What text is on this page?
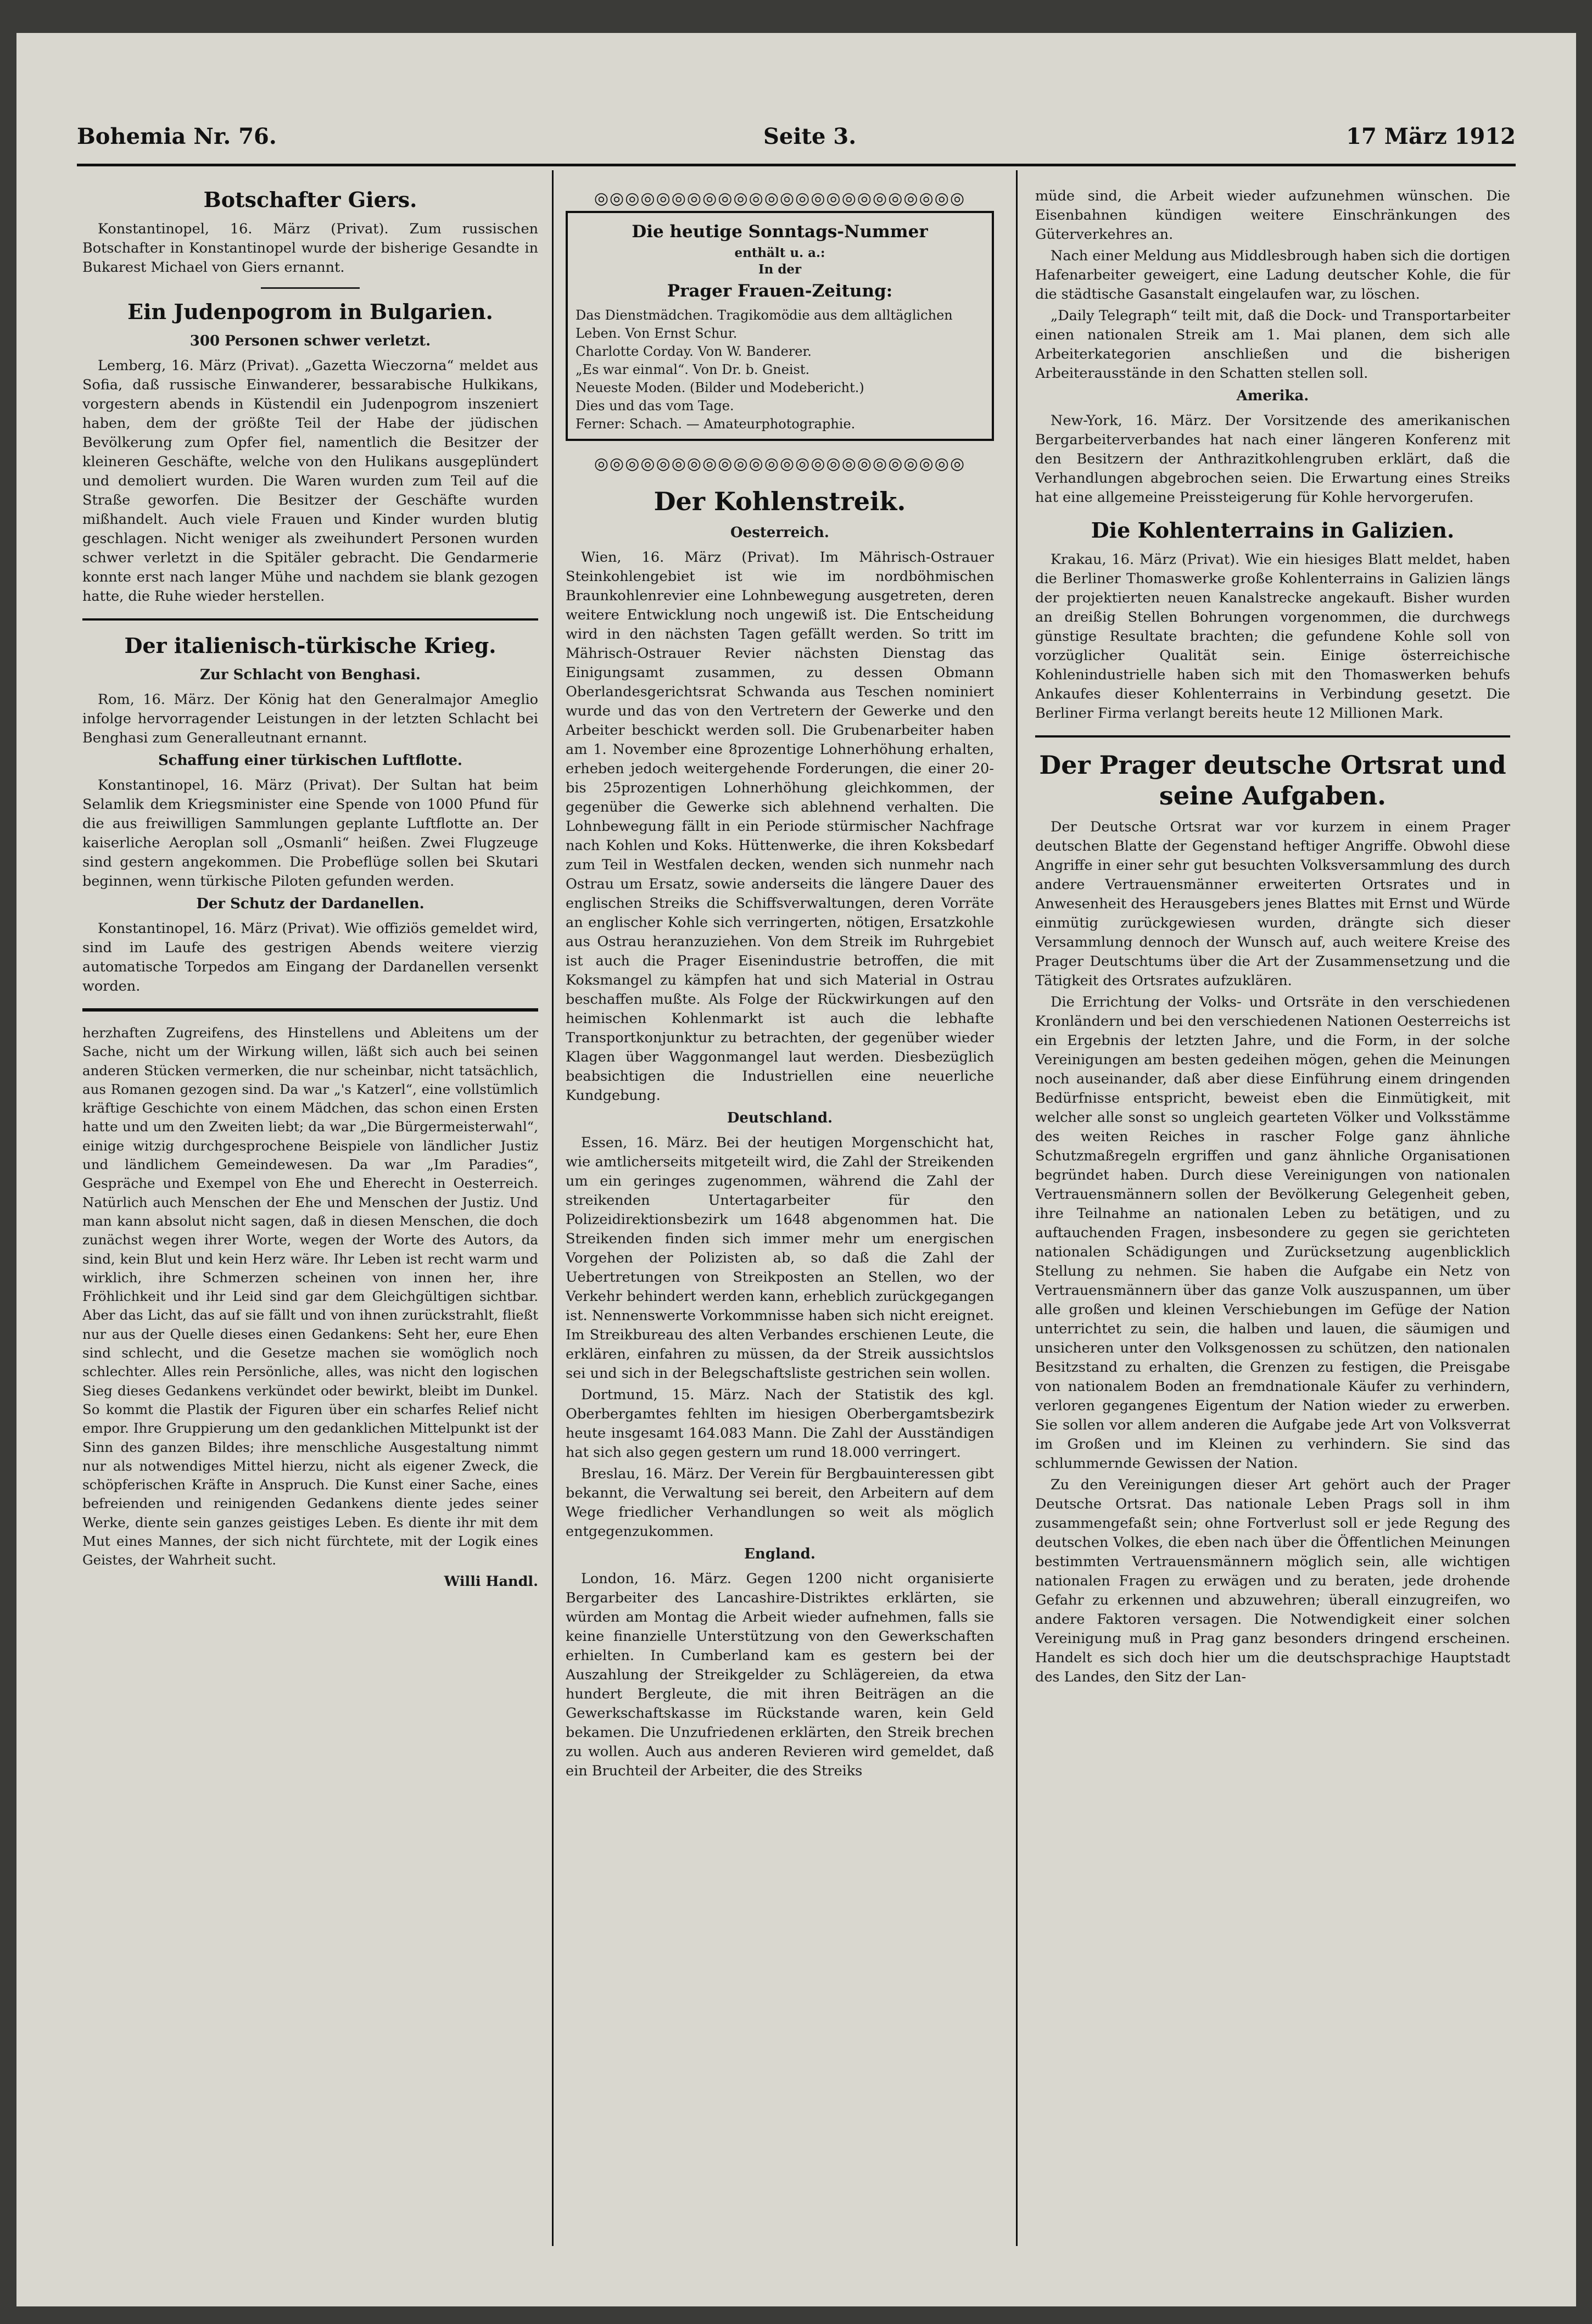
Bohemia Nr. 76.	Seite 3.	17 März 1912
Botschafter Giers.

Konstantinopel, 16. März (Privat). Zum russischen Botschafter in Konstantinopel wurde der bisherige Gesandte in Bukarest Michael von Giers ernannt.

Ein Judenpogrom in Bulgarien.
300 Personen schwer verletzt.

Lemberg, 16. März (Privat). „Gazetta Wieczorna“ meldet aus Sofia, daß russische Einwanderer, bessarabische Hulkikans, vorgestern abends in Küstendil ein Judenpogrom inszeniert haben, dem der größte Teil der Habe der jüdischen Bevölkerung zum Opfer fiel, namentlich die Besitzer der kleineren Geschäfte, welche von den Hulikans ausgeplündert und demoliert wurden. Die Waren wurden zum Teil auf die Straße geworfen. Die Besitzer der Geschäfte wurden mißhandelt. Auch viele Frauen und Kinder wurden blutig geschlagen. Nicht weniger als zweihundert Personen wurden schwer verletzt in die Spitäler gebracht. Die Gendarmerie konnte erst nach langer Mühe und nachdem sie blank gezogen hatte, die Ruhe wieder herstellen.

Der italienisch-türkische Krieg.
Zur Schlacht von Benghasi.

Rom, 16. März. Der König hat den Generalmajor Ameglio infolge hervorragender Leistungen in der letzten Schlacht bei Benghasi zum Generalleutnant ernannt.

Schaffung einer türkischen Luftflotte.

Konstantinopel, 16. März (Privat). Der Sultan hat beim Selamlik dem Kriegsminister eine Spende von 1000 Pfund für die aus freiwilligen Sammlungen geplante Luftflotte an. Der kaiserliche Aeroplan soll „Osmanli“ heißen. Zwei Flugzeuge sind gestern angekommen. Die Probeflüge sollen bei Skutari beginnen, wenn türkische Piloten gefunden werden.

Der Schutz der Dardanellen.

Konstantinopel, 16. März (Privat). Wie offiziös gemeldet wird, sind im Laufe des gestrigen Abends weitere vierzig automatische Torpedos am Eingang der Dardanellen versenkt worden.

herzhaften Zugreifens, des Hinstellens und Ableitens um der Sache, nicht um der Wirkung willen, läßt sich auch bei seinen anderen Stücken vermerken, die nur scheinbar, nicht tatsächlich, aus Romanen gezogen sind. Da war „'s Katzerl“, eine vollstümlich kräftige Geschichte von einem Mädchen, das schon einen Ersten hatte und um den Zweiten liebt; da war „Die Bürgermeisterwahl“, einige witzig durchgesprochene Beispiele von ländlicher Justiz und ländlichem Gemeindewesen. Da war „Im Paradies“, Gespräche und Exempel von Ehe und Eherecht in Oesterreich. Natürlich auch Menschen der Ehe und Menschen der Justiz. Und man kann absolut nicht sagen, daß in diesen Menschen, die doch zunächst wegen ihrer Worte, wegen der Worte des Autors, da sind, kein Blut und kein Herz wäre. Ihr Leben ist recht warm und wirklich, ihre Schmerzen scheinen von innen her, ihre Fröhlichkeit und ihr Leid sind gar dem Gleichgültigen sichtbar. Aber das Licht, das auf sie fällt und von ihnen zurückstrahlt, fließt nur aus der Quelle dieses einen Gedankens: Seht her, eure Ehen sind schlecht, und die Gesetze machen sie womöglich noch schlechter. Alles rein Persönliche, alles, was nicht den logischen Sieg dieses Gedankens verkündet oder bewirkt, bleibt im Dunkel. So kommt die Plastik der Figuren über ein scharfes Relief nicht empor. Ihre Gruppierung um den gedanklichen Mittelpunkt ist der Sinn des ganzen Bildes; ihre menschliche Ausgestaltung nimmt nur als notwendiges Mittel hierzu, nicht als eigener Zweck, die schöpferischen Kräfte in Anspruch. Die Kunst einer Sache, eines befreienden und reinigenden Gedankens diente jedes seiner Werke, diente sein ganzes geistiges Leben. Es diente ihr mit dem Mut eines Mannes, der sich nicht fürchtete, mit der Logik eines Geistes, der Wahrheit sucht.

Willi Handl.

◎◎◎◎◎◎◎◎◎◎◎◎◎◎◎◎◎◎◎◎◎◎◎◎
Die heutige Sonntags-Nummer
enthält u. a.:
In der
Prager Frauen-Zeitung:
Das Dienstmädchen. Tragikomödie aus dem alltäglichen Leben. Von Ernst Schur.
Charlotte Corday. Von W. Banderer.
„Es war einmal“. Von Dr. b. Gneist.
Neueste Moden. (Bilder und Modebericht.)
Dies und das vom Tage.
Ferner: Schach. — Amateurphotographie.
◎◎◎◎◎◎◎◎◎◎◎◎◎◎◎◎◎◎◎◎◎◎◎◎
Der Kohlenstreik.
Oesterreich.

Wien, 16. März (Privat). Im Mährisch-Ostrauer Steinkohlengebiet ist wie im nordböhmischen Braunkohlenrevier eine Lohnbewegung ausgetreten, deren weitere Entwicklung noch ungewiß ist. Die Entscheidung wird in den nächsten Tagen gefällt werden. So tritt im Mährisch-Ostrauer Revier nächsten Dienstag das Einigungsamt zusammen, zu dessen Obmann Oberlandesgerichtsrat Schwanda aus Teschen nominiert wurde und das von den Vertretern der Gewerke und den Arbeiter beschickt werden soll. Die Grubenarbeiter haben am 1. November eine 8prozentige Lohnerhöhung erhalten, erheben jedoch weitergehende Forderungen, die einer 20- bis 25prozentigen Lohnerhöhung gleichkommen, der gegenüber die Gewerke sich ablehnend verhalten. Die Lohnbewegung fällt in ein Periode stürmischer Nachfrage nach Kohlen und Koks. Hüttenwerke, die ihren Koksbedarf zum Teil in Westfalen decken, wenden sich nunmehr nach Ostrau um Ersatz, sowie anderseits die längere Dauer des englischen Streiks die Schiffsverwaltungen, deren Vorräte an englischer Kohle sich verringerten, nötigen, Ersatzkohle aus Ostrau heranzuziehen. Von dem Streik im Ruhrgebiet ist auch die Prager Eisenindustrie betroffen, die mit Koksmangel zu kämpfen hat und sich Material in Ostrau beschaffen mußte. Als Folge der Rückwirkungen auf den heimischen Kohlenmarkt ist auch die lebhafte Transportkonjunktur zu betrachten, der gegenüber wieder Klagen über Waggonmangel laut werden. Diesbezüglich beabsichtigen die Industriellen eine neuerliche Kundgebung.

Deutschland.

Essen, 16. März. Bei der heutigen Morgenschicht hat, wie amtlicherseits mitgeteilt wird, die Zahl der Streikenden um ein geringes zugenommen, während die Zahl der streikenden Untertagarbeiter für den Polizeidirektionsbezirk um 1648 abgenommen hat. Die Streikenden finden sich immer mehr um energischen Vorgehen der Polizisten ab, so daß die Zahl der Uebertretungen von Streikposten an Stellen, wo der Verkehr behindert werden kann, erheblich zurückgegangen ist. Nennenswerte Vorkommnisse haben sich nicht ereignet. Im Streikbureau des alten Verbandes erschienen Leute, die erklären, einfahren zu müssen, da der Streik aussichtslos sei und sich in der Belegschaftsliste gestrichen sein wollen.

Dortmund, 15. März. Nach der Statistik des kgl. Oberbergamtes fehlten im hiesigen Oberbergamtsbezirk heute insgesamt 164.083 Mann. Die Zahl der Ausständigen hat sich also gegen gestern um rund 18.000 verringert.

Breslau, 16. März. Der Verein für Bergbauinteressen gibt bekannt, die Verwaltung sei bereit, den Arbeitern auf dem Wege friedlicher Verhandlungen so weit als möglich entgegenzukommen.

England.

London, 16. März. Gegen 1200 nicht organisierte Bergarbeiter des Lancashire-Distriktes erklärten, sie würden am Montag die Arbeit wieder aufnehmen, falls sie keine finanzielle Unterstützung von den Gewerkschaften erhielten. In Cumberland kam es gestern bei der Auszahlung der Streikgelder zu Schlägereien, da etwa hundert Bergleute, die mit ihren Beiträgen an die Gewerkschaftskasse im Rückstande waren, kein Geld bekamen. Die Unzufriedenen erklärten, den Streik brechen zu wollen. Auch aus anderen Revieren wird gemeldet, daß ein Bruchteil der Arbeiter, die des Streiks

müde sind, die Arbeit wieder aufzunehmen wünschen. Die Eisenbahnen kündigen weitere Einschränkungen des Güterverkehres an.

Nach einer Meldung aus Middlesbrough haben sich die dortigen Hafenarbeiter geweigert, eine Ladung deutscher Kohle, die für die städtische Gasanstalt eingelaufen war, zu löschen.

„Daily Telegraph“ teilt mit, daß die Dock- und Transportarbeiter einen nationalen Streik am 1. Mai planen, dem sich alle Arbeiterkategorien anschließen und die bisherigen Arbeiterausstände in den Schatten stellen soll.

Amerika.

New-York, 16. März. Der Vorsitzende des amerikanischen Bergarbeiterverbandes hat nach einer längeren Konferenz mit den Besitzern der Anthrazitkohlengruben erklärt, daß die Verhandlungen abgebrochen seien. Die Erwartung eines Streiks hat eine allgemeine Preissteigerung für Kohle hervorgerufen.

Die Kohlenterrains in Galizien.

Krakau, 16. März (Privat). Wie ein hiesiges Blatt meldet, haben die Berliner Thomaswerke große Kohlenterrains in Galizien längs der projektierten neuen Kanalstrecke angekauft. Bisher wurden an dreißig Stellen Bohrungen vorgenommen, die durchwegs günstige Resultate brachten; die gefundene Kohle soll von vorzüglicher Qualität sein. Einige österreichische Kohlenindustrielle haben sich mit den Thomaswerken behufs Ankaufes dieser Kohlenterrains in Verbindung gesetzt. Die Berliner Firma verlangt bereits heute 12 Millionen Mark.

Der Prager deutsche Ortsrat und seine Aufgaben.

Der Deutsche Ortsrat war vor kurzem in einem Prager deutschen Blatte der Gegenstand heftiger Angriffe. Obwohl diese Angriffe in einer sehr gut besuchten Volksversammlung des durch andere Vertrauensmänner erweiterten Ortsrates und in Anwesenheit des Herausgebers jenes Blattes mit Ernst und Würde einmütig zurückgewiesen wurden, drängte sich dieser Versammlung dennoch der Wunsch auf, auch weitere Kreise des Prager Deutschtums über die Art der Zusammensetzung und die Tätigkeit des Ortsrates aufzuklären.

Die Errichtung der Volks- und Ortsräte in den verschiedenen Kronländern und bei den verschiedenen Nationen Oesterreichs ist ein Ergebnis der letzten Jahre, und die Form, in der solche Vereinigungen am besten gedeihen mögen, gehen die Meinungen noch auseinander, daß aber diese Einführung einem dringenden Bedürfnisse entspricht, beweist eben die Einmütigkeit, mit welcher alle sonst so ungleich gearteten Völker und Volksstämme des weiten Reiches in rascher Folge ganz ähnliche Schutzmaßregeln ergriffen und ganz ähnliche Organisationen begründet haben. Durch diese Vereinigungen von nationalen Vertrauensmännern sollen der Bevölkerung Gelegenheit geben, ihre Teilnahme an nationalen Leben zu betätigen, und zu auftauchenden Fragen, insbesondere zu gegen sie gerichteten nationalen Schädigungen und Zurücksetzung augenblicklich Stellung zu nehmen. Sie haben die Aufgabe ein Netz von Vertrauensmännern über das ganze Volk auszuspannen, um über alle großen und kleinen Verschiebungen im Gefüge der Nation unterrichtet zu sein, die halben und lauen, die säumigen und unsicheren unter den Volksgenossen zu schützen, den nationalen Besitzstand zu erhalten, die Grenzen zu festigen, die Preisgabe von nationalem Boden an fremdnationale Käufer zu verhindern, verloren gegangenes Eigentum der Nation wieder zu erwerben. Sie sollen vor allem anderen die Aufgabe jede Art von Volksverrat im Großen und im Kleinen zu verhindern. Sie sind das schlummernde Gewissen der Nation.

Zu den Vereinigungen dieser Art gehört auch der Prager Deutsche Ortsrat. Das nationale Leben Prags soll in ihm zusammengefaßt sein; ohne Fortverlust soll er jede Regung des deutschen Volkes, die eben nach über die Öffentlichen Meinungen bestimmten Vertrauensmännern möglich sein, alle wichtigen nationalen Fragen zu erwägen und zu beraten, jede drohende Gefahr zu erkennen und abzuwehren; überall einzugreifen, wo andere Faktoren versagen. Die Notwendigkeit einer solchen Vereinigung muß in Prag ganz besonders dringend erscheinen. Handelt es sich doch hier um die deutschsprachige Hauptstadt des Landes, den Sitz der Lan-
